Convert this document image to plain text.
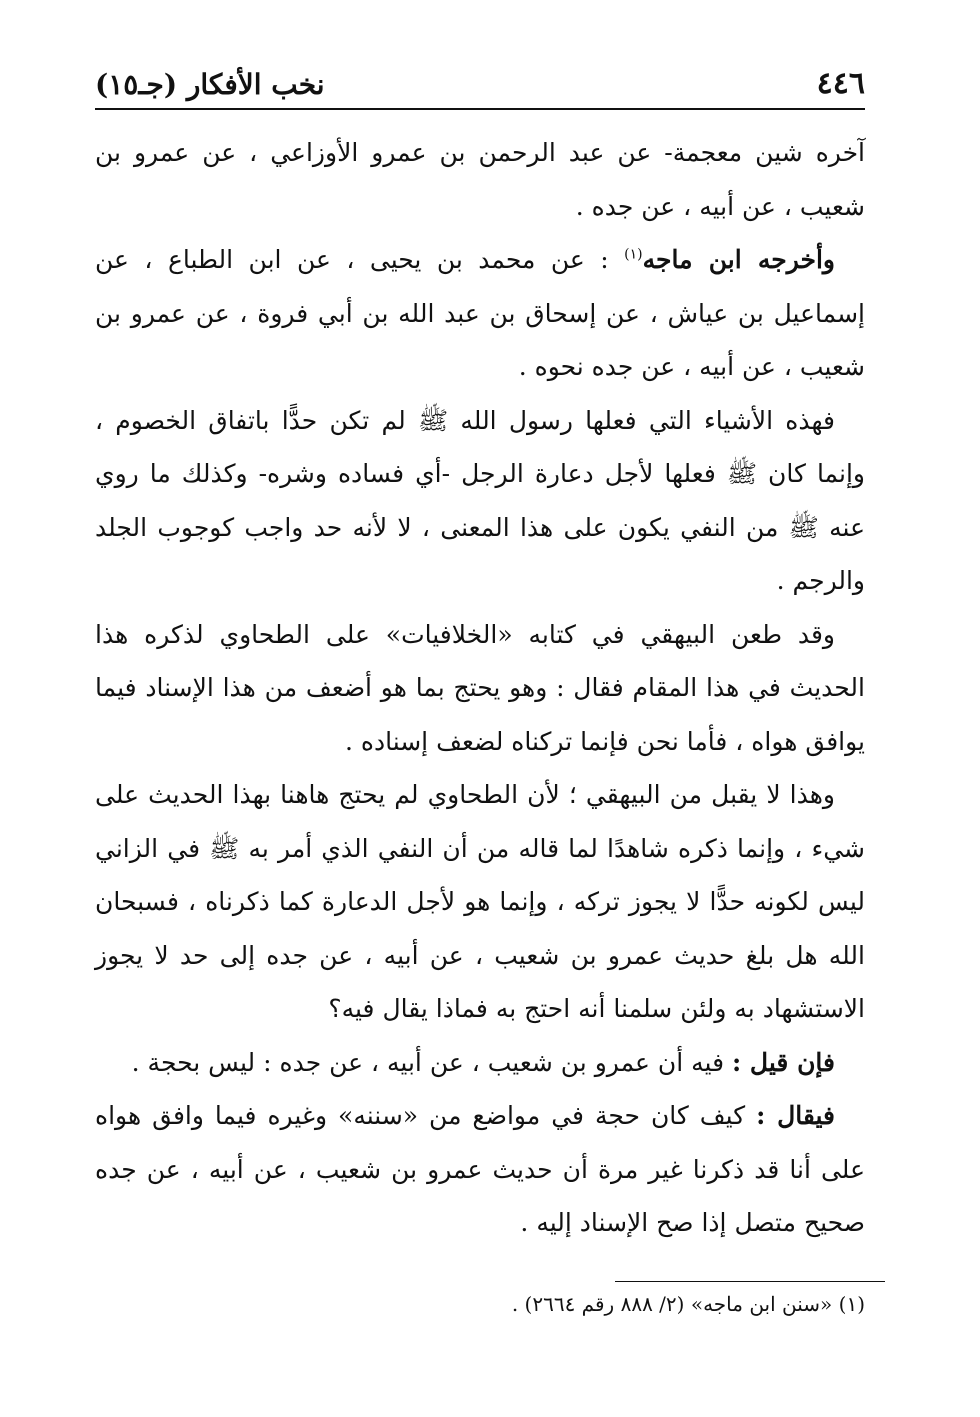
٤٤٦
نخب الأفكار (جـ١٥)

آخره شين معجمة- عن عبد الرحمن بن عمرو الأوزاعي ، عن عمرو بن شعيب ، عن أبيه ، عن جده .

وأخرجه ابن ماجه$^{(١)}$ : عن محمد بن يحيى ، عن ابن الطباع ، عن إسماعيل بن عياش ، عن إسحاق بن عبد الله بن أبي فروة ، عن عمرو بن شعيب ، عن أبيه ، عن جده نحوه .

فهذه الأشياء التي فعلها رسول الله ﷺ لم تكن حدًّا باتفاق الخصوم ، وإنما كان ﷺ فعلها لأجل دعارة الرجل -أي فساده وشره- وكذلك ما روي عنه ﷺ من النفي يكون على هذا المعنى ، لا لأنه حد واجب كوجوب الجلد والرجم .

وقد طعن البيهقي في كتابه «الخلافيات» على الطحاوي لذكره هذا الحديث في هذا المقام فقال : وهو يحتج بما هو أضعف من هذا الإسناد فيما يوافق هواه ، فأما نحن فإنما تركناه لضعف إسناده .

وهذا لا يقبل من البيهقي ؛ لأن الطحاوي لم يحتج هاهنا بهذا الحديث على شيء ، وإنما ذكره شاهدًا لما قاله من أن النفي الذي أمر به ﷺ في الزاني ليس لكونه حدًّا لا يجوز تركه ، وإنما هو لأجل الدعارة كما ذكرناه ، فسبحان الله هل بلغ حديث عمرو بن شعيب ، عن أبيه ، عن جده إلى حد لا يجوز الاستشهاد به ولئن سلمنا أنه احتج به فماذا يقال فيه؟

فإن قيل : فيه أن عمرو بن شعيب ، عن أبيه ، عن جده : ليس بحجة .

فيقال : كيف كان حجة في مواضع من «سننه» وغيره فيما وافق هواه على أنا قد ذكرنا غير مرة أن حديث عمرو بن شعيب ، عن أبيه ، عن جده صحيح متصل إذا صح الإسناد إليه .

(١) «سنن ابن ماجه» (٢/ ٨٨٨ رقم ٢٦٦٤) .
